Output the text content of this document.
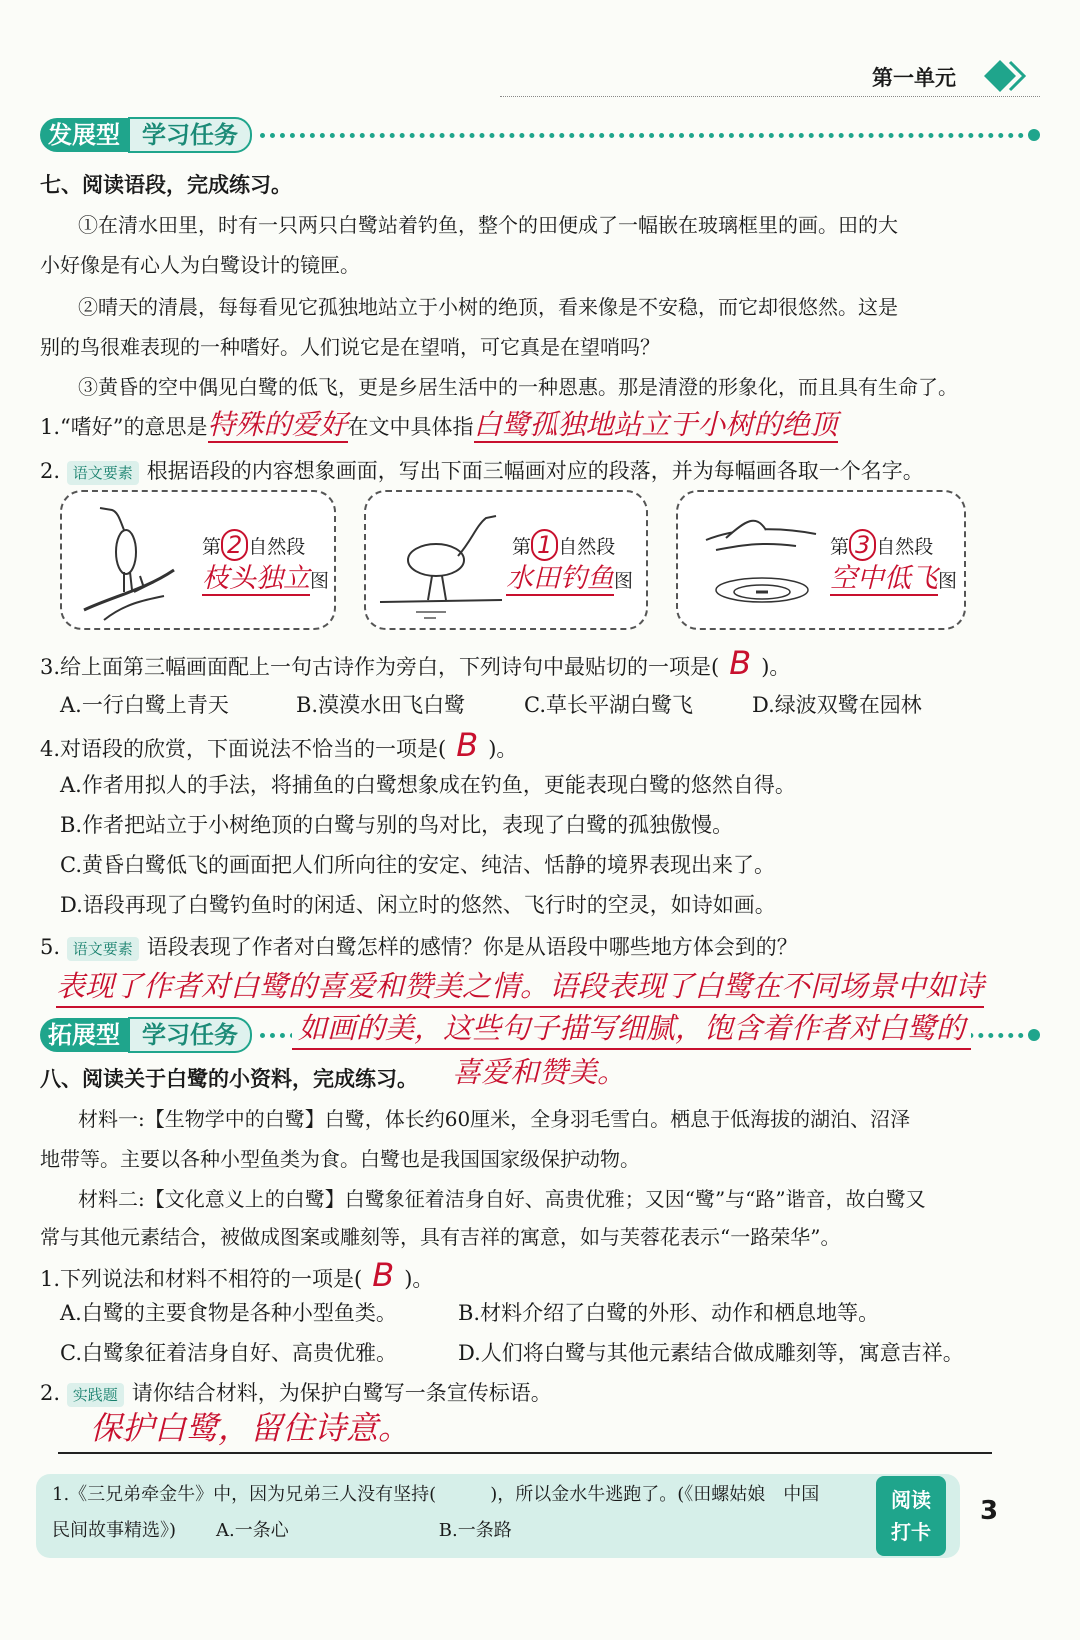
第一单元
发展型 学习任务
七、阅读语段，完成练习。
①在清水田里，时有一只两只白鹭站着钓鱼，整个的田便成了一幅嵌在玻璃框里的画。田的大
小好像是有心人为白鹭设计的镜匣。
②晴天的清晨，每每看见它孤独地站立于小树的绝顶，看来像是不安稳，而它却很悠然。这是
别的鸟很难表现的一种嗜好。人们说它是在望哨，可它真是在望哨吗？
③黄昏的空中偶见白鹭的低飞，更是乡居生活中的一种恩惠。那是清澄的形象化，而且具有生命了。
1.“嗜好”的意思是特殊的爱好在文中具体指白鹭孤独地站立于小树的绝顶
2. 语文要素 根据语段的内容想象画面，写出下面三幅画对应的段落，并为每幅画各取一个名字。
第 2 自然段
枝头独立图
第 1 自然段
水田钓鱼图
第 3 自然段
空中低飞图
3.给上面第三幅画面配上一句古诗作为旁白，下列诗句中最贴切的一项是( B )。
A.一行白鹭上青天	B.漠漠水田飞白鹭	C.草长平湖白鹭飞	D.绿波双鹭在园林
4.对语段的欣赏，下面说法不恰当的一项是( B )。
A.作者用拟人的手法，将捕鱼的白鹭想象成在钓鱼，更能表现白鹭的悠然自得。
B.作者把站立于小树绝顶的白鹭与别的鸟对比，表现了白鹭的孤独傲慢。
C.黄昏白鹭低飞的画面把人们所向往的安定、纯洁、恬静的境界表现出来了。
D.语段再现了白鹭钓鱼时的闲适、闲立时的悠然、飞行时的空灵，如诗如画。
5. 语文要素 语段表现了作者对白鹭怎样的感情？你是从语段中哪些地方体会到的？
表现了作者对白鹭的喜爱和赞美之情。语段表现了白鹭在不同场景中如诗
拓展型 学习任务	如画的美，这些句子描写细腻，饱含着作者对白鹭的
八、阅读关于白鹭的小资料，完成练习。 喜爱和赞美。
材料一:【生物学中的白鹭】白鹭，体长约60厘米，全身羽毛雪白。栖息于低海拔的湖泊、沼泽
地带等。主要以各种小型鱼类为食。白鹭也是我国国家级保护动物。
材料二:【文化意义上的白鹭】白鹭象征着洁身自好、高贵优雅；又因“鹭”与“路”谐音，故白鹭又
常与其他元素结合，被做成图案或雕刻等，具有吉祥的寓意，如与芙蓉花表示“一路荣华”。
1.下列说法和材料不相符的一项是( B )。
A.白鹭的主要食物是各种小型鱼类。	B.材料介绍了白鹭的外形、动作和栖息地等。
C.白鹭象征着洁身自好、高贵优雅。	D.人们将白鹭与其他元素结合做成雕刻等，寓意吉祥。
2. 实践题 请你结合材料，为保护白鹭写一条宣传标语。
保护白鹭，留住诗意。
1.《三兄弟牵金牛》中，因为兄弟三人没有坚持(　　　)，所以金水牛逃跑了。(《田螺姑娘　中国
民间故事精选》) A.一条心	B.一条路
阅读
打卡
3
